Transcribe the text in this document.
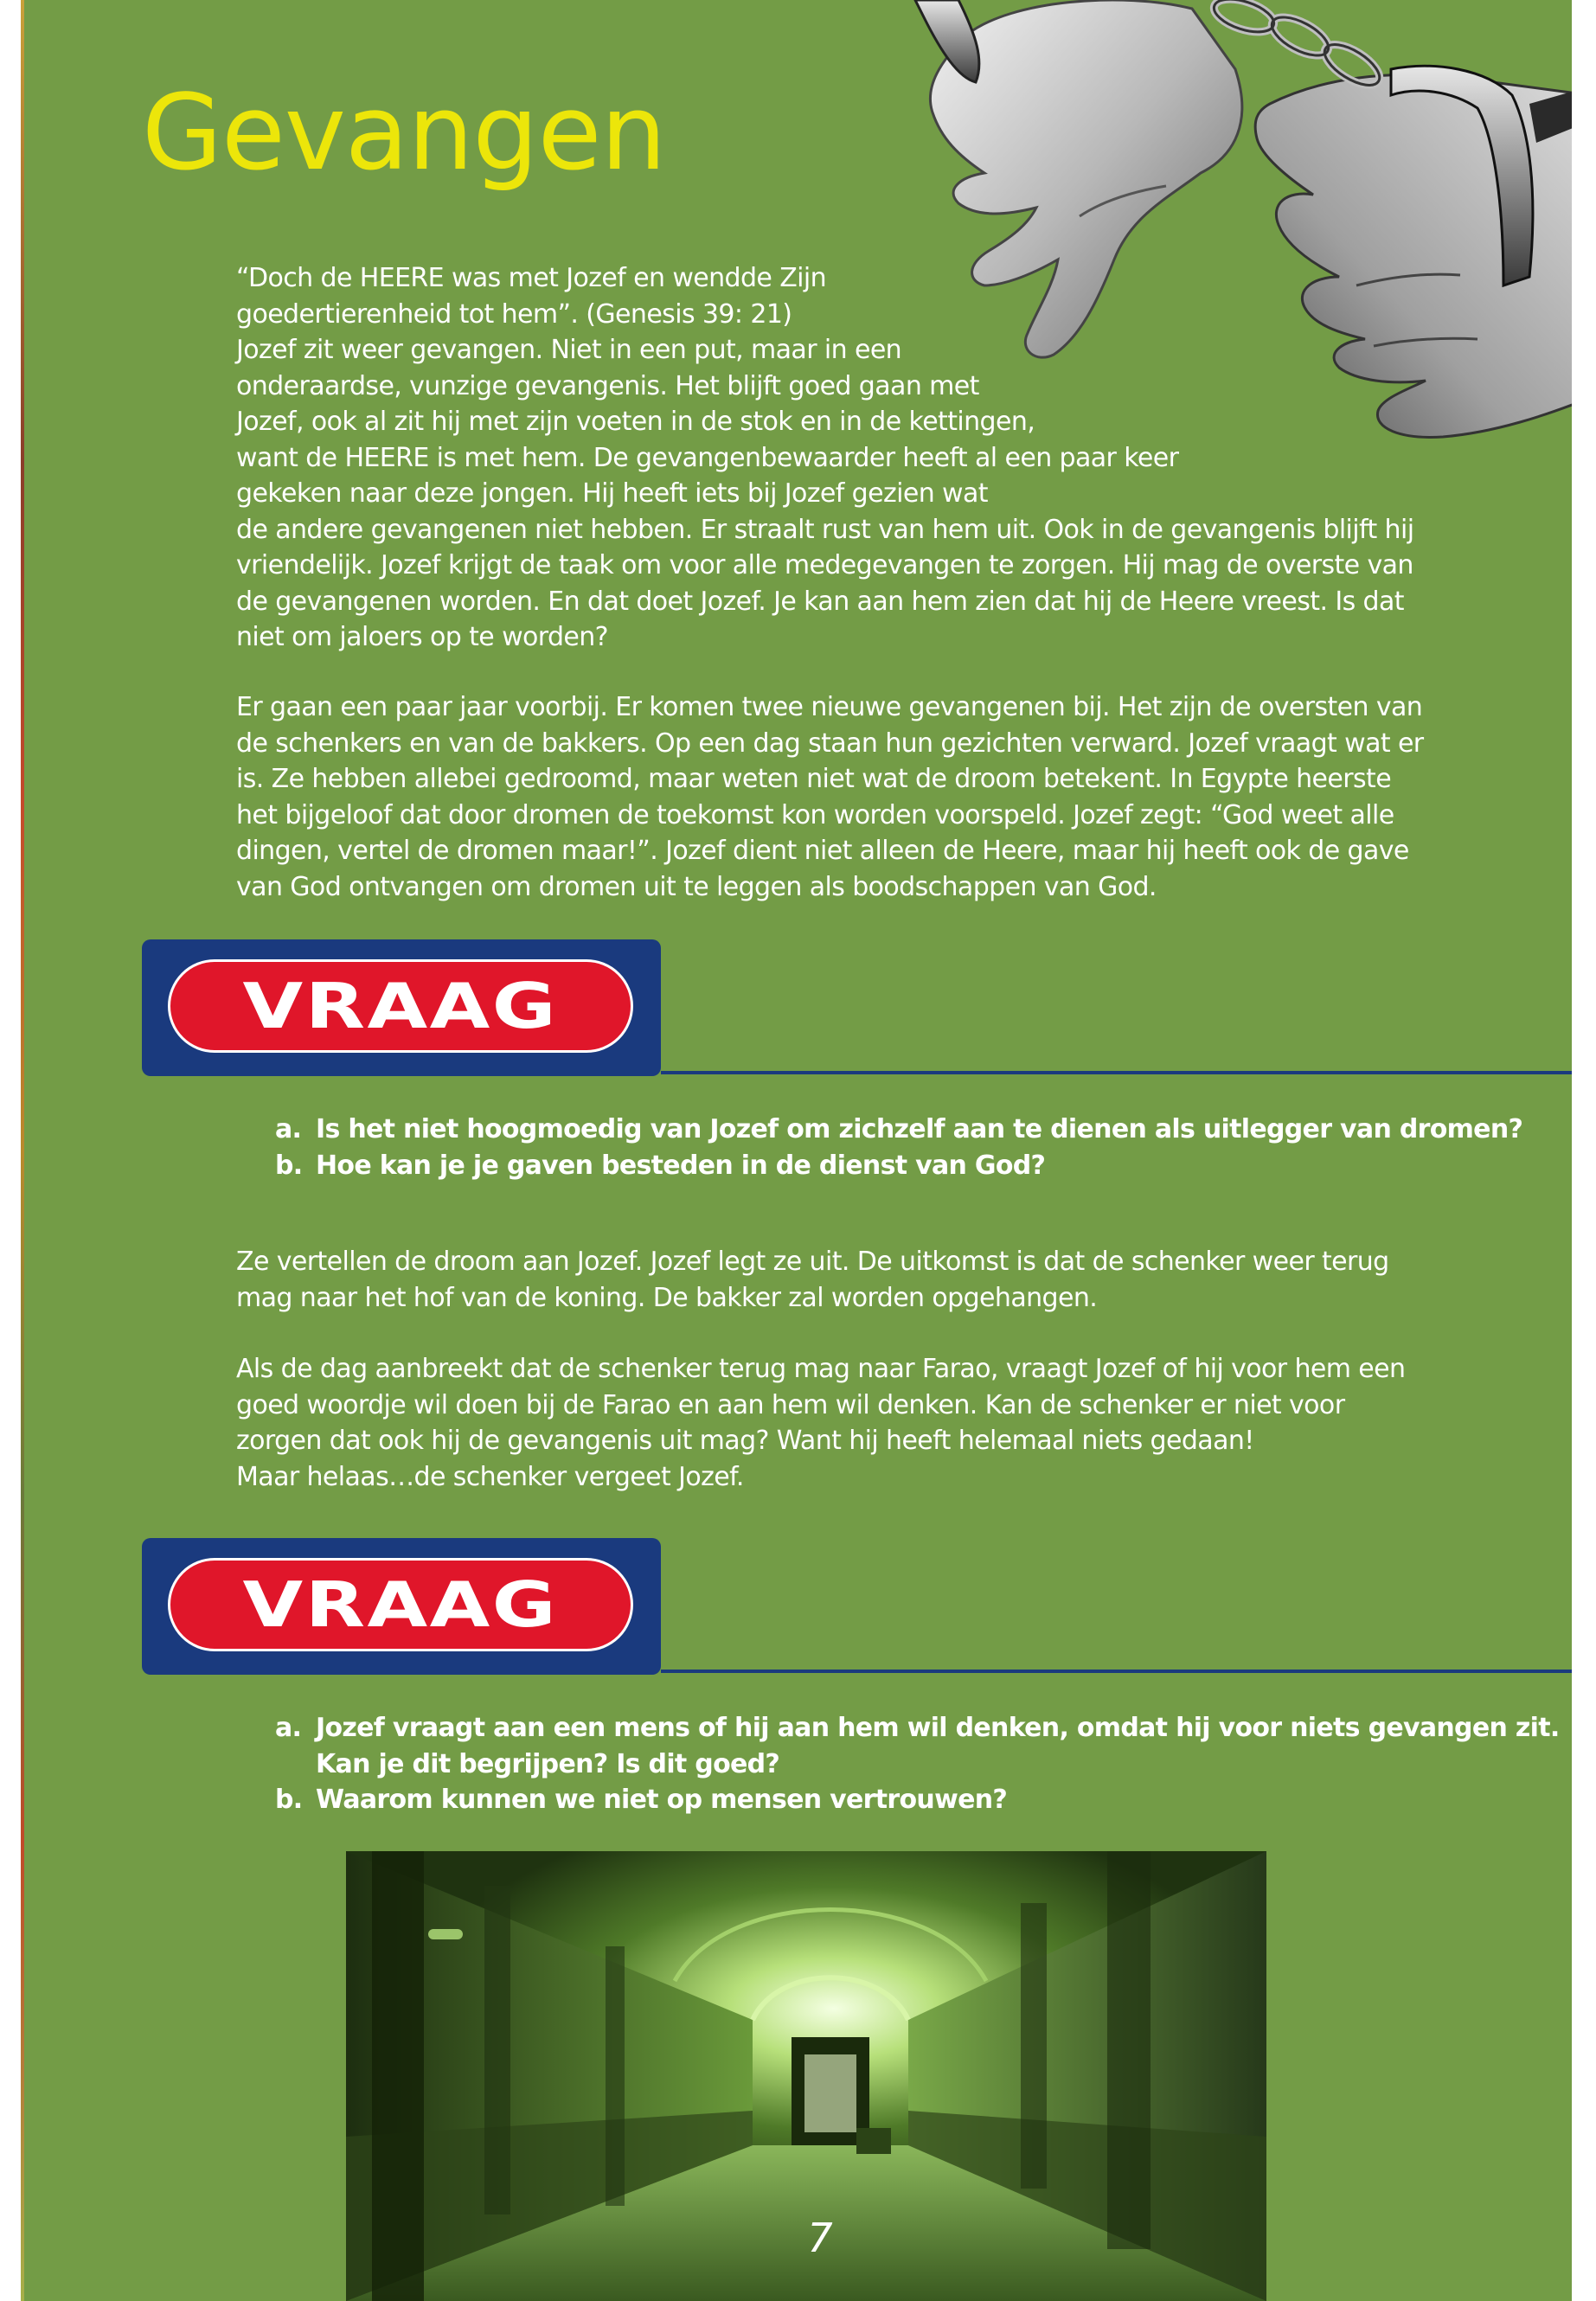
Gevangen
“Doch de HEERE was met Jozef en wendde Zijn
goedertierenheid tot hem”. (Genesis 39: 21)
Jozef zit weer gevangen. Niet in een put, maar in een
onderaardse, vunzige gevangenis. Het blijft goed gaan met
Jozef, ook al zit hij met zijn voeten in de stok en in de kettingen,
want de HEERE is met hem. De gevangenbewaarder heeft al een paar keer
gekeken naar deze jongen. Hij heeft iets bij Jozef gezien wat
de andere gevangenen niet hebben. Er straalt rust van hem uit. Ook in de gevangenis blijft hij
vriendelijk. Jozef krijgt de taak om voor alle medegevangen te zorgen. Hij mag de overste van
de gevangenen worden. En dat doet Jozef. Je kan aan hem zien dat hij de Heere vreest. Is dat
niet om jaloers op te worden?
Er gaan een paar jaar voorbij. Er komen twee nieuwe gevangenen bij. Het zijn de oversten van
de schenkers en van de bakkers. Op een dag staan hun gezichten verward. Jozef vraagt wat er
is. Ze hebben allebei gedroomd, maar weten niet wat de droom betekent. In Egypte heerste
het bijgeloof dat door dromen de toekomst kon worden voorspeld. Jozef zegt: “God weet alle
dingen, vertel de dromen maar!”. Jozef dient niet alleen de Heere, maar hij heeft ook de gave
van God ontvangen om dromen uit te leggen als boodschappen van God.
VRAAG
a. Is het niet hoogmoedig van Jozef om zichzelf aan te dienen als uitlegger van dromen?
b. Hoe kan je je gaven besteden in de dienst van God?
Ze vertellen de droom aan Jozef. Jozef legt ze uit. De uitkomst is dat de schenker weer terug
mag naar het hof van de koning. De bakker zal worden opgehangen.
Als de dag aanbreekt dat de schenker terug mag naar Farao, vraagt Jozef of hij voor hem een
goed woordje wil doen bij de Farao en aan hem wil denken. Kan de schenker er niet voor
zorgen dat ook hij de gevangenis uit mag? Want hij heeft helemaal niets gedaan!
Maar helaas…de schenker vergeet Jozef.
VRAAG
a. Jozef vraagt aan een mens of hij aan hem wil denken, omdat hij voor niets gevangen zit.
Kan je dit begrijpen? Is dit goed?
b. Waarom kunnen we niet op mensen vertrouwen?
7
